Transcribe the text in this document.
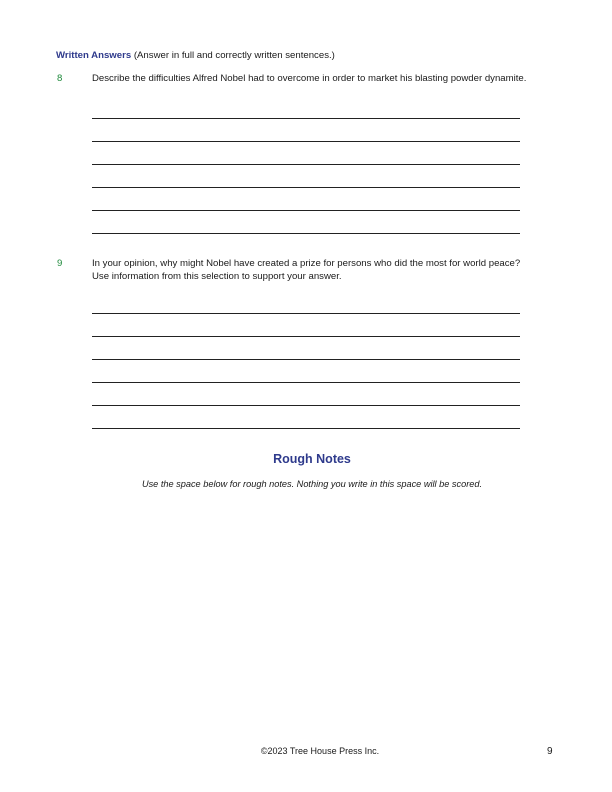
Written Answers (Answer in full and correctly written sentences.)
8	Describe the difficulties Alfred Nobel had to overcome in order to market his blasting powder dynamite.
9	In your opinion, why might Nobel have created a prize for persons who did the most for world peace?
Use information from this selection to support your answer.
Rough Notes
Use the space below for rough notes. Nothing you write in this space will be scored.
©2023 Tree House Press Inc.	9
